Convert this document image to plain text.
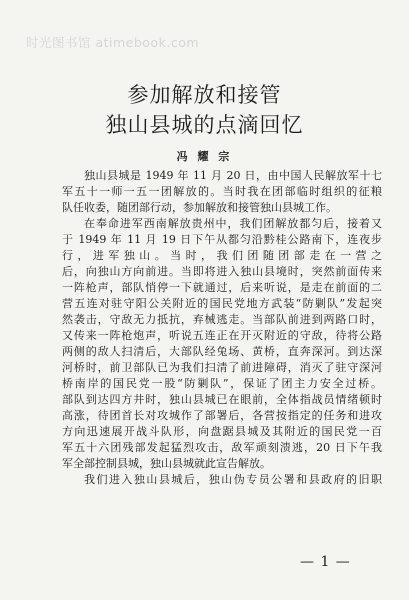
时光图书馆 atimebook.com
参加解放和接管
独山县城的点滴回忆
冯 耀 宗
独山县城是 1949 年 11 月 20 日，由中国人民解放军十七
军五十一师一五一团解放的。当时我在团部临时组织的征粮
队任收委，随团部行动，参加解放和接管独山县城工作。
在奉命进军西南解放贵州中，我们团解放都匀后，接着又
于 1949 年 11 月 19 日下午从都匀沿黔桂公路南下，连夜步
行，进军独山。当时，我们团随团部走在一营之
后，向独山方向前进。当即将进入独山县境时，突然前面传来
一阵枪声，部队悄停一下就通过，后来听说，是走在前面的二
营五连对驻守阳公关附近的国民党地方武装“防剿队”发起突
然袭击，守敌无力抵抗，弃械逃走。当部队前进到两路口时，
又传来一阵枪炮声，听说五连正在开灭附近的守敌，待将公路
两侧的敌人扫清后，大部队经兔场、黄桥，直奔深河。到达深
河桥时，前卫部队已为我们扫清了前进障碍，消灭了驻守深河
桥南岸的国民党一股“防剿队”，保证了团主力安全过桥。
部队到达四方井时，独山县城已在眼前，全体指战员情绪顿时
高涨，待团首长对攻城作了部署后，各营按指定的任务和进攻
方向迅速展开战斗队形，向盘踞县城及其附近的国民党一百
军五十六团残部发起猛烈攻击，敌军顽刻溃逃，20 日下午我
军全部控制县城，独山县城就此宣告解放。
我们进入独山县城后，独山伪专员公署和县政府的旧职
— 1 —
